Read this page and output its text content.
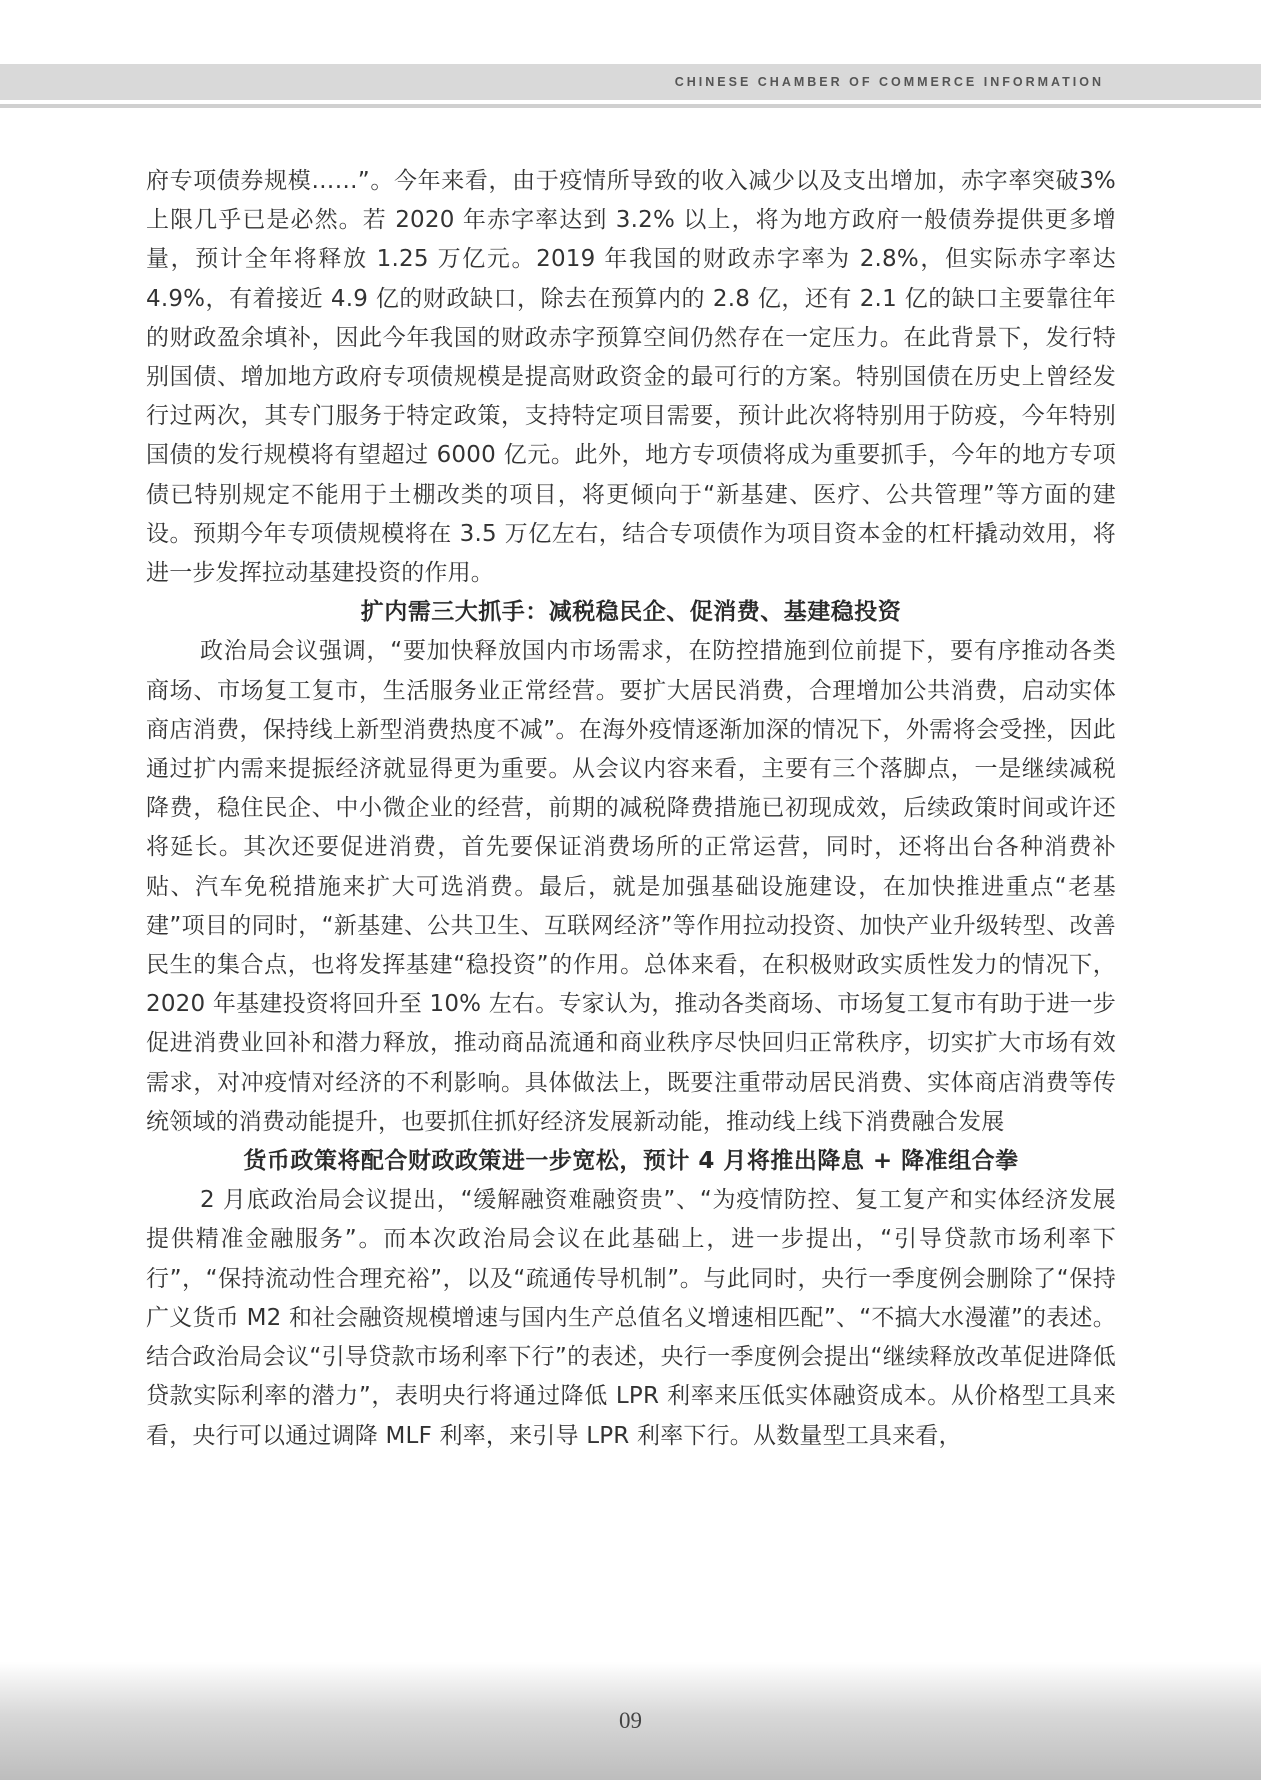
CHINESE CHAMBER OF COMMERCE INFORMATION

府专项债券规模……”。今年来看，由于疫情所导致的收入减少以及支出增加，赤字率突破3% 上限几乎已是必然。若 2020 年赤字率达到 3.2% 以上，将为地方政府一般债券提供更多增量，预计全年将释放 1.25 万亿元。2019 年我国的财政赤字率为 2.8%，但实际赤字率达 4.9%，有着接近 4.9 亿的财政缺口，除去在预算内的 2.8 亿，还有 2.1 亿的缺口主要靠往年的财政盈余填补，因此今年我国的财政赤字预算空间仍然存在一定压力。在此背景下，发行特别国债、增加地方政府专项债规模是提高财政资金的最可行的方案。特别国债在历史上曾经发行过两次，其专门服务于特定政策，支持特定项目需要，预计此次将特别用于防疫，今年特别国债的发行规模将有望超过 6000 亿元。此外，地方专项债将成为重要抓手，今年的地方专项债已特别规定不能用于土棚改类的项目，将更倾向于“新基建、医疗、公共管理”等方面的建设。预期今年专项债规模将在 3.5 万亿左右，结合专项债作为项目资本金的杠杆撬动效用，将进一步发挥拉动基建投资的作用。

扩内需三大抓手：减税稳民企、促消费、基建稳投资

政治局会议强调，“要加快释放国内市场需求，在防控措施到位前提下，要有序推动各类商场、市场复工复市，生活服务业正常经营。要扩大居民消费，合理增加公共消费，启动实体商店消费，保持线上新型消费热度不减”。在海外疫情逐渐加深的情况下，外需将会受挫，因此通过扩内需来提振经济就显得更为重要。从会议内容来看，主要有三个落脚点，一是继续减税降费，稳住民企、中小微企业的经营，前期的减税降费措施已初现成效，后续政策时间或许还将延长。其次还要促进消费，首先要保证消费场所的正常运营，同时，还将出台各种消费补贴、汽车免税措施来扩大可选消费。最后，就是加强基础设施建设，在加快推进重点“老基建”项目的同时，“新基建、公共卫生、互联网经济”等作用拉动投资、加快产业升级转型、改善民生的集合点，也将发挥基建“稳投资”的作用。总体来看，在积极财政实质性发力的情况下，2020 年基建投资将回升至 10% 左右。专家认为，推动各类商场、市场复工复市有助于进一步促进消费业回补和潜力释放，推动商品流通和商业秩序尽快回归正常秩序，切实扩大市场有效需求，对冲疫情对经济的不利影响。具体做法上，既要注重带动居民消费、实体商店消费等传统领域的消费动能提升，也要抓住抓好经济发展新动能，推动线上线下消费融合发展

货币政策将配合财政政策进一步宽松，预计 4 月将推出降息 + 降准组合拳

2 月底政治局会议提出，“缓解融资难融资贵”、“为疫情防控、复工复产和实体经济发展提供精准金融服务”。而本次政治局会议在此基础上，进一步提出，“引导贷款市场利率下行”，“保持流动性合理充裕”，以及“疏通传导机制”。与此同时，央行一季度例会删除了“保持广义货币 M2 和社会融资规模增速与国内生产总值名义增速相匹配”、“不搞大水漫灌”的表述。结合政治局会议“引导贷款市场利率下行”的表述，央行一季度例会提出“继续释放改革促进降低贷款实际利率的潜力”，表明央行将通过降低 LPR 利率来压低实体融资成本。从价格型工具来看，央行可以通过调降 MLF 利率，来引导 LPR 利率下行。从数量型工具来看，

09
